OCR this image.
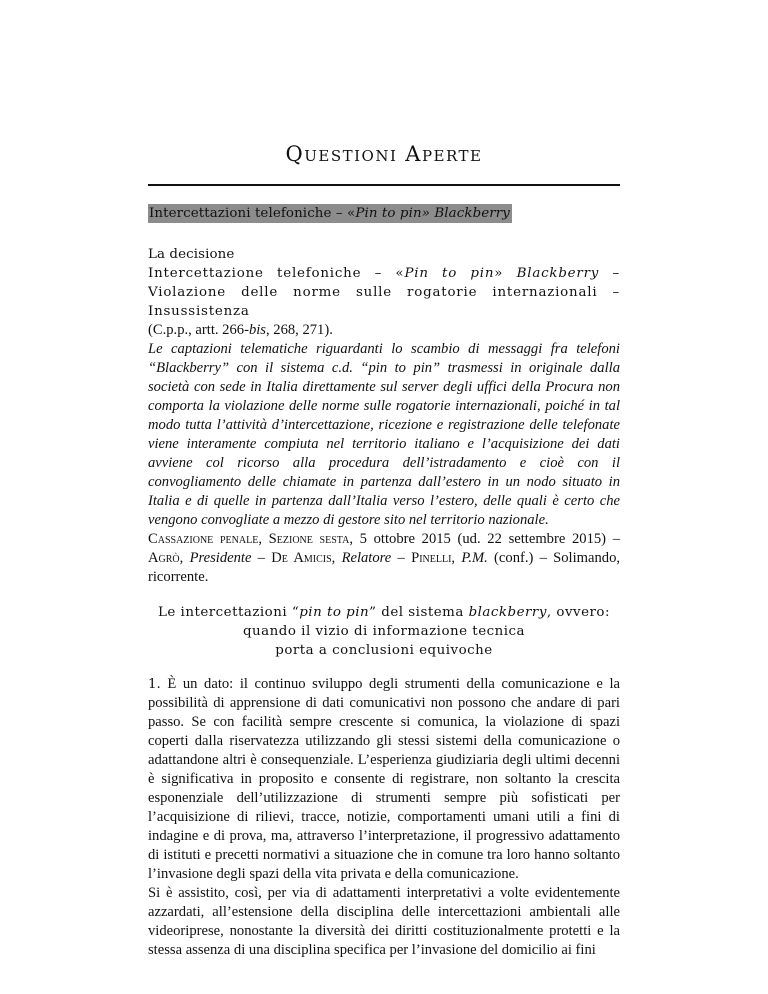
QUESTIONI APERTE
Intercettazioni telefoniche – «Pin to pin» Blackberry
La decisione
Intercettazione telefoniche – «Pin to pin» Blackberry – Violazione delle norme sulle rogatorie internazionali – Insussistenza
(C.p.p., artt. 266-bis, 268, 271).
Le captazioni telematiche riguardanti lo scambio di messaggi fra telefoni “Blackberry” con il sistema c.d. “pin to pin” trasmessi in originale dalla società con sede in Italia direttamente sul server degli uffici della Procura non comporta la violazione delle norme sulle rogatorie internazionali, poiché in tal modo tutta l’attività d’intercettazione, ricezione e registrazione delle telefonate viene interamente compiuta nel territorio italiano e l’acquisizione dei dati avviene col ricorso alla procedura dell’istradamento e cioè con il convogliamento delle chiamate in partenza dall’estero in un nodo situato in Italia e di quelle in partenza dall’Italia verso l’estero, delle quali è certo che vengono convogliate a mezzo di gestore sito nel territorio nazionale.
Cassazione penale, Sezione sesta, 5 ottobre 2015 (ud. 22 settembre 2015) – Agrò, Presidente – De Amicis, Relatore – Pinelli, P.M. (conf.) – Solimando, ricorrente.
Le intercettazioni “pin to pin” del sistema blackberry, ovvero:
quando il vizio di informazione tecnica
porta a conclusioni equivoche

1. È un dato: il continuo sviluppo degli strumenti della comunicazione e la possibilità di apprensione di dati comunicativi non possono che andare di pari passo. Se con facilità sempre crescente si comunica, la violazione di spazi coperti dalla riservatezza utilizzando gli stessi sistemi della comunicazione o adattandone altri è consequenziale. L’esperienza giudiziaria degli ultimi decenni è significativa in proposito e consente di registrare, non soltanto la crescita esponenziale dell’utilizzazione di strumenti sempre più sofisticati per l’acquisizione di rilievi, tracce, notizie, comportamenti umani utili a fini di indagine e di prova, ma, attraverso l’interpretazione, il progressivo adattamento di istituti e precetti normativi a situazione che in comune tra loro hanno soltanto l’invasione degli spazi della vita privata e della comunicazione.

Si è assistito, così, per via di adattamenti interpretativi a volte evidentemente azzardati, all’estensione della disciplina delle intercettazioni ambientali alle videoriprese, nonostante la diversità dei diritti costituzionalmente protetti e la stessa assenza di una disciplina specifica per l’invasione del domicilio ai fini
